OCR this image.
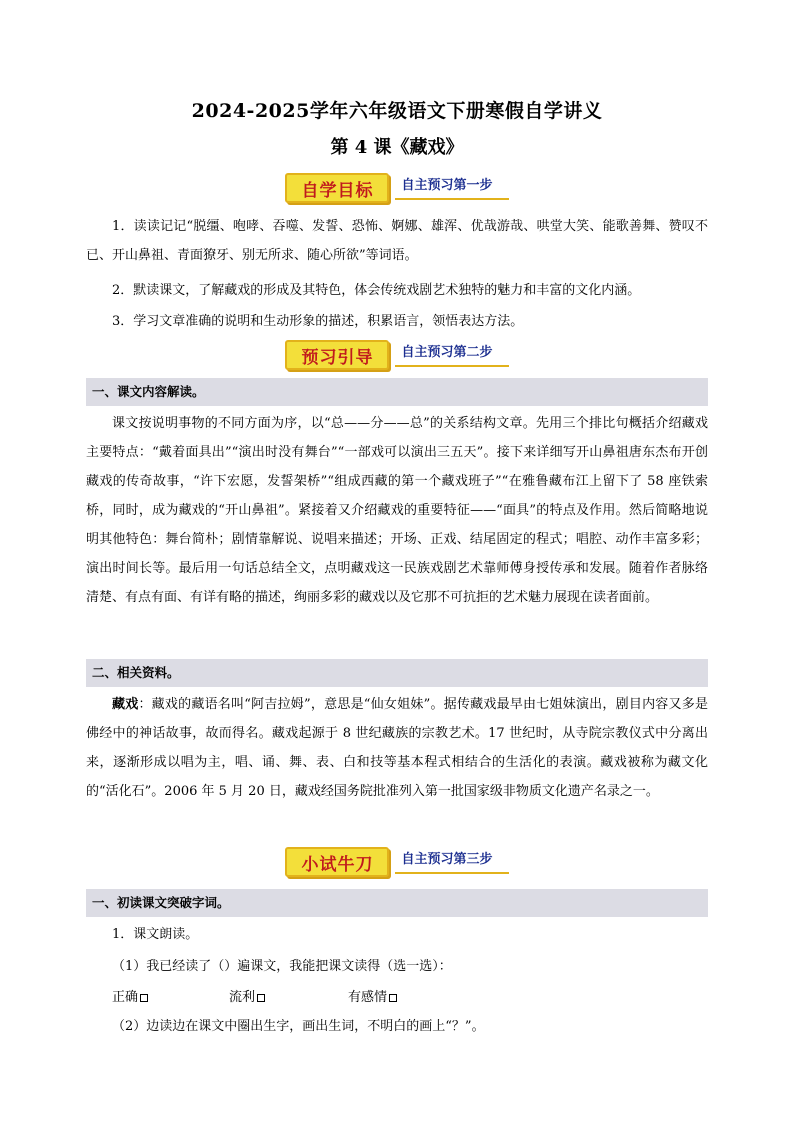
2024-2025学年六年级语文下册寒假自学讲义
第 4 课《藏戏》
自学目标	自主预习第一步

1．读读记记“脱缰、咆哮、吞噬、发誓、恐怖、婀娜、雄浑、优哉游哉、哄堂大笑、能歌善舞、赞叹不已、开山鼻祖、青面獠牙、别无所求、随心所欲”等词语。

2．默读课文，了解藏戏的形成及其特色，体会传统戏剧艺术独特的魅力和丰富的文化内涵。

3．学习文章准确的说明和生动形象的描述，积累语言，领悟表达方法。

预习引导	自主预习第二步
一、课文内容解读。

课文按说明事物的不同方面为序，以“总——分——总”的关系结构文章。先用三个排比句概括介绍藏戏主要特点：“戴着面具出”“演出时没有舞台”“一部戏可以演出三五天”。接下来详细写开山鼻祖唐东杰布开创藏戏的传奇故事，“许下宏愿，发誓架桥”“组成西藏的第一个藏戏班子”“在雅鲁藏布江上留下了 58 座铁索桥，同时，成为藏戏的“开山鼻祖”。紧接着又介绍藏戏的重要特征——“面具”的特点及作用。然后简略地说明其他特色：舞台简朴；剧情靠解说、说唱来描述；开场、正戏、结尾固定的程式；唱腔、动作丰富多彩；演出时间长等。最后用一句话总结全文，点明藏戏这一民族戏剧艺术靠师傅身授传承和发展。随着作者脉络清楚、有点有面、有详有略的描述，绚丽多彩的藏戏以及它那不可抗拒的艺术魅力展现在读者面前。

二、相关资料。

藏戏：藏戏的藏语名叫“阿吉拉姆”，意思是“仙女姐妹”。据传藏戏最早由七姐妹演出，剧目内容又多是佛经中的神话故事，故而得名。藏戏起源于 8 世纪藏族的宗教艺术。17 世纪时，从寺院宗教仪式中分离出来，逐渐形成以唱为主，唱、诵、舞、表、白和技等基本程式相结合的生活化的表演。藏戏被称为藏文化的“活化石”。2006 年 5 月 20 日，藏戏经国务院批准列入第一批国家级非物质文化遗产名录之一。

小试牛刀	自主预习第三步
一、初读课文突破字词。

1．课文朗读。

（1）我已经读了（）遍课文，我能把课文读得（选一选）：

正确	流利	有感情

（2）边读边在课文中圈出生字，画出生词，不明白的画上“？”。
